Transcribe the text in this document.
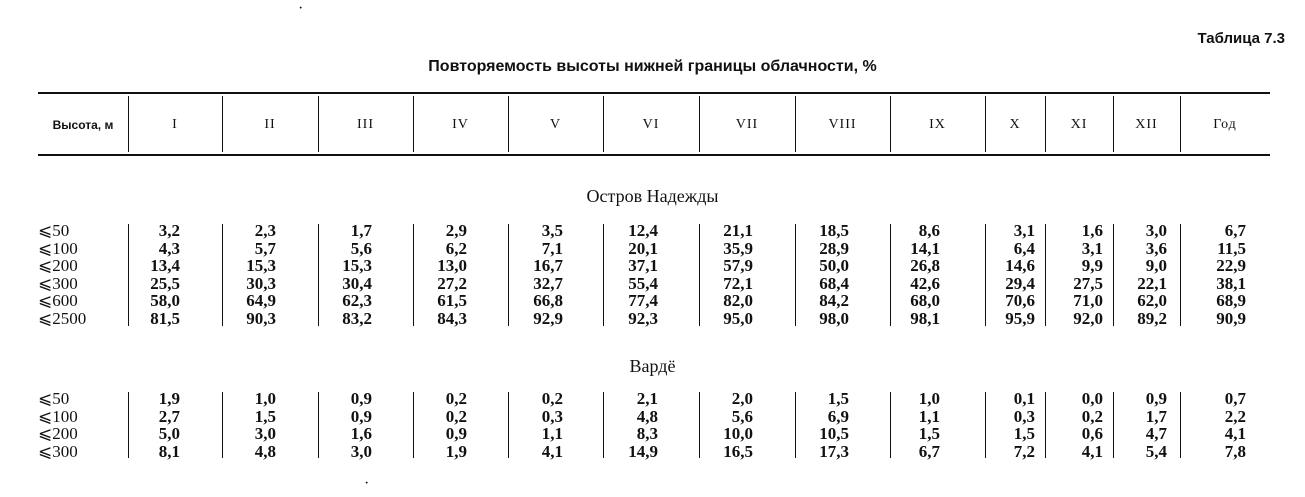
Таблица 7.3
Повторяемость высоты нижней границы облачности, %
Высота, м	I	II	III	IV	V	VI	VII	VIII	IX	X	XI	XII	Год
Остров Надежды
⩽50	3,2	2,3	1,7	2,9	3,5	12,4	21,1	18,5	8,6	3,1	1,6	3,0	6,7
⩽100	4,3	5,7	5,6	6,2	7,1	20,1	35,9	28,9	14,1	6,4	3,1	3,6	11,5
⩽200	13,4	15,3	15,3	13,0	16,7	37,1	57,9	50,0	26,8	14,6	9,9	9,0	22,9
⩽300	25,5	30,3	30,4	27,2	32,7	55,4	72,1	68,4	42,6	29,4	27,5	22,1	38,1
⩽600	58,0	64,9	62,3	61,5	66,8	77,4	82,0	84,2	68,0	70,6	71,0	62,0	68,9
⩽2500	81,5	90,3	83,2	84,3	92,9	92,3	95,0	98,0	98,1	95,9	92,0	89,2	90,9
Вардё
⩽50	1,9	1,0	0,9	0,2	0,2	2,1	2,0	1,5	1,0	0,1	0,0	0,9	0,7
⩽100	2,7	1,5	0,9	0,2	0,3	4,8	5,6	6,9	1,1	0,3	0,2	1,7	2,2
⩽200	5,0	3,0	1,6	0,9	1,1	8,3	10,0	10,5	1,5	1,5	0,6	4,7	4,1
⩽300	8,1	4,8	3,0	1,9	4,1	14,9	16,5	17,3	6,7	7,2	4,1	5,4	7,8
·
·
